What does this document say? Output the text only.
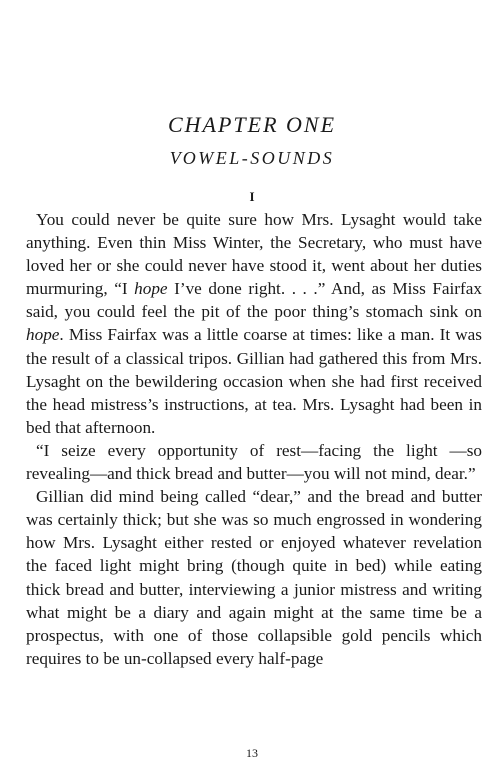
CHAPTER ONE
VOWEL-SOUNDS
I

You could never be quite sure how Mrs. Lysaght would take anything. Even thin Miss Winter, the Secretary, who must have loved her or she could never have stood it, went about her duties murmuring, “I hope I’ve done right. . . .” And, as Miss Fairfax said, you could feel the pit of the poor thing’s stomach sink on hope. Miss Fairfax was a little coarse at times: like a man. It was the result of a classical tripos. Gillian had gathered this from Mrs. Lysaght on the bewildering occasion when she had first received the head mistress’s instructions, at tea. Mrs. Lysaght had been in bed that afternoon.

“I seize every opportunity of rest—facing the light —so revealing—and thick bread and butter—you will not mind, dear.”

Gillian did mind being called “dear,” and the bread and butter was certainly thick; but she was so much engrossed in wondering how Mrs. Lysaght either rested or enjoyed whatever revelation the faced light might bring (though quite in bed) while eating thick bread and butter, interviewing a junior mistress and writing what might be a diary and again might at the same time be a prospectus, with one of those collapsible gold pencils which requires to be un-collapsed every half-page

13
